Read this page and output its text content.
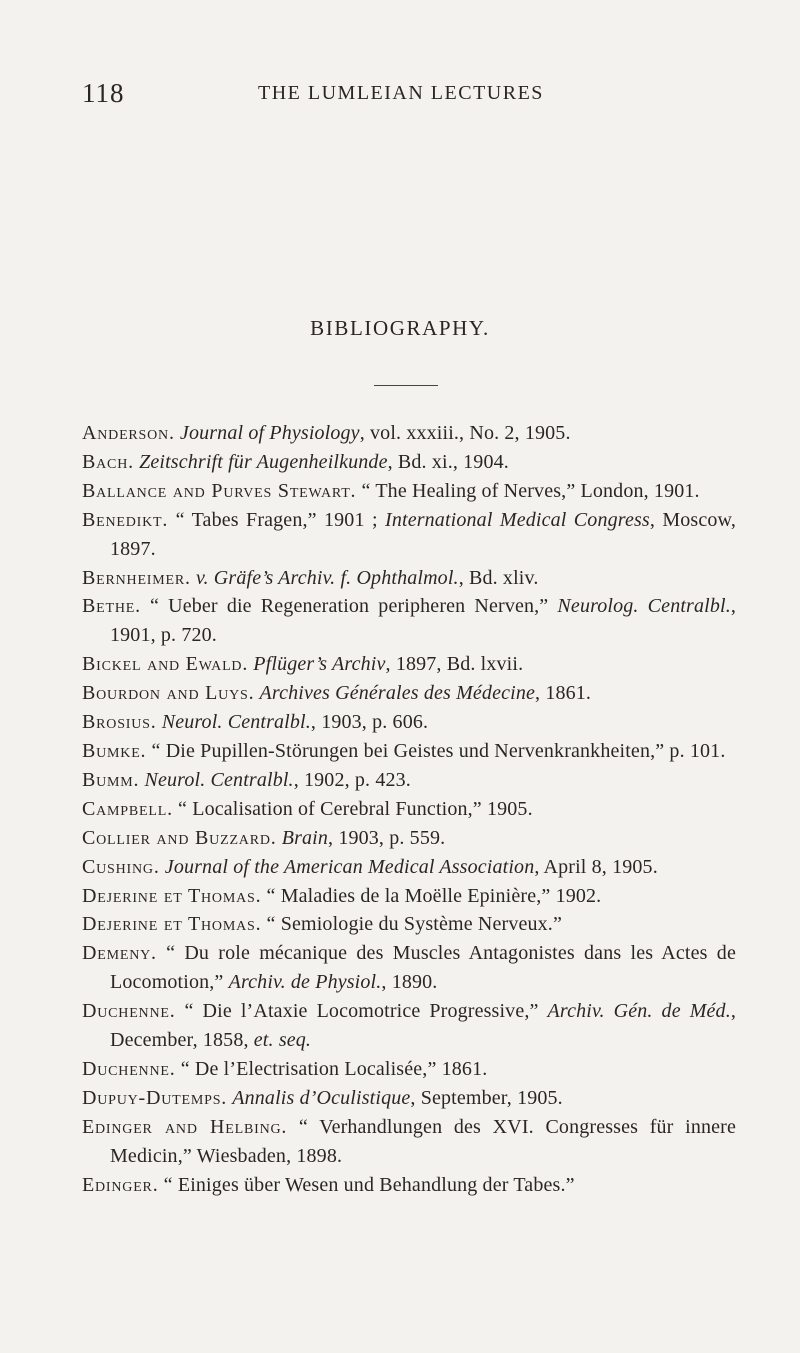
118	THE LUMLEIAN LECTURES
BIBLIOGRAPHY.
Anderson. Journal of Physiology, vol. xxxiii., No. 2, 1905.
Bach. Zeitschrift für Augenheilkunde, Bd. xi., 1904.
Ballance and Purves Stewart. “ The Healing of Nerves,” London, 1901.
Benedikt. “ Tabes Fragen,” 1901 ; International Medical Congress, Moscow, 1897.
Bernheimer. v. Gräfe’s Archiv. f. Ophthalmol., Bd. xliv.
Bethe. “ Ueber die Regeneration peripheren Nerven,” Neurolog. Centralbl., 1901, p. 720.
Bickel and Ewald. Pflüger’s Archiv, 1897, Bd. lxvii.
Bourdon and Luys. Archives Générales des Médecine, 1861.
Brosius. Neurol. Centralbl., 1903, p. 606.
Bumke. “ Die Pupillen-Störungen bei Geistes und Nervenkrankheiten,” p. 101.
Bumm. Neurol. Centralbl., 1902, p. 423.
Campbell. “ Localisation of Cerebral Function,” 1905.
Collier and Buzzard. Brain, 1903, p. 559.
Cushing. Journal of the American Medical Association, April 8, 1905.
Dejerine et Thomas. “ Maladies de la Moëlle Epinière,” 1902.
Dejerine et Thomas. “ Semiologie du Système Nerveux.”
Demeny. “ Du role mécanique des Muscles Antagonistes dans les Actes de Locomotion,” Archiv. de Physiol., 1890.
Duchenne. “ Die l’Ataxie Locomotrice Progressive,” Archiv. Gén. de Méd., December, 1858, et. seq.
Duchenne. “ De l’Electrisation Localisée,” 1861.
Dupuy-Dutemps. Annalis d’Oculistique, September, 1905.
Edinger and Helbing. “ Verhandlungen des XVI. Congresses für innere Medicin,” Wiesbaden, 1898.
Edinger. “ Einiges über Wesen und Behandlung der Tabes.”
